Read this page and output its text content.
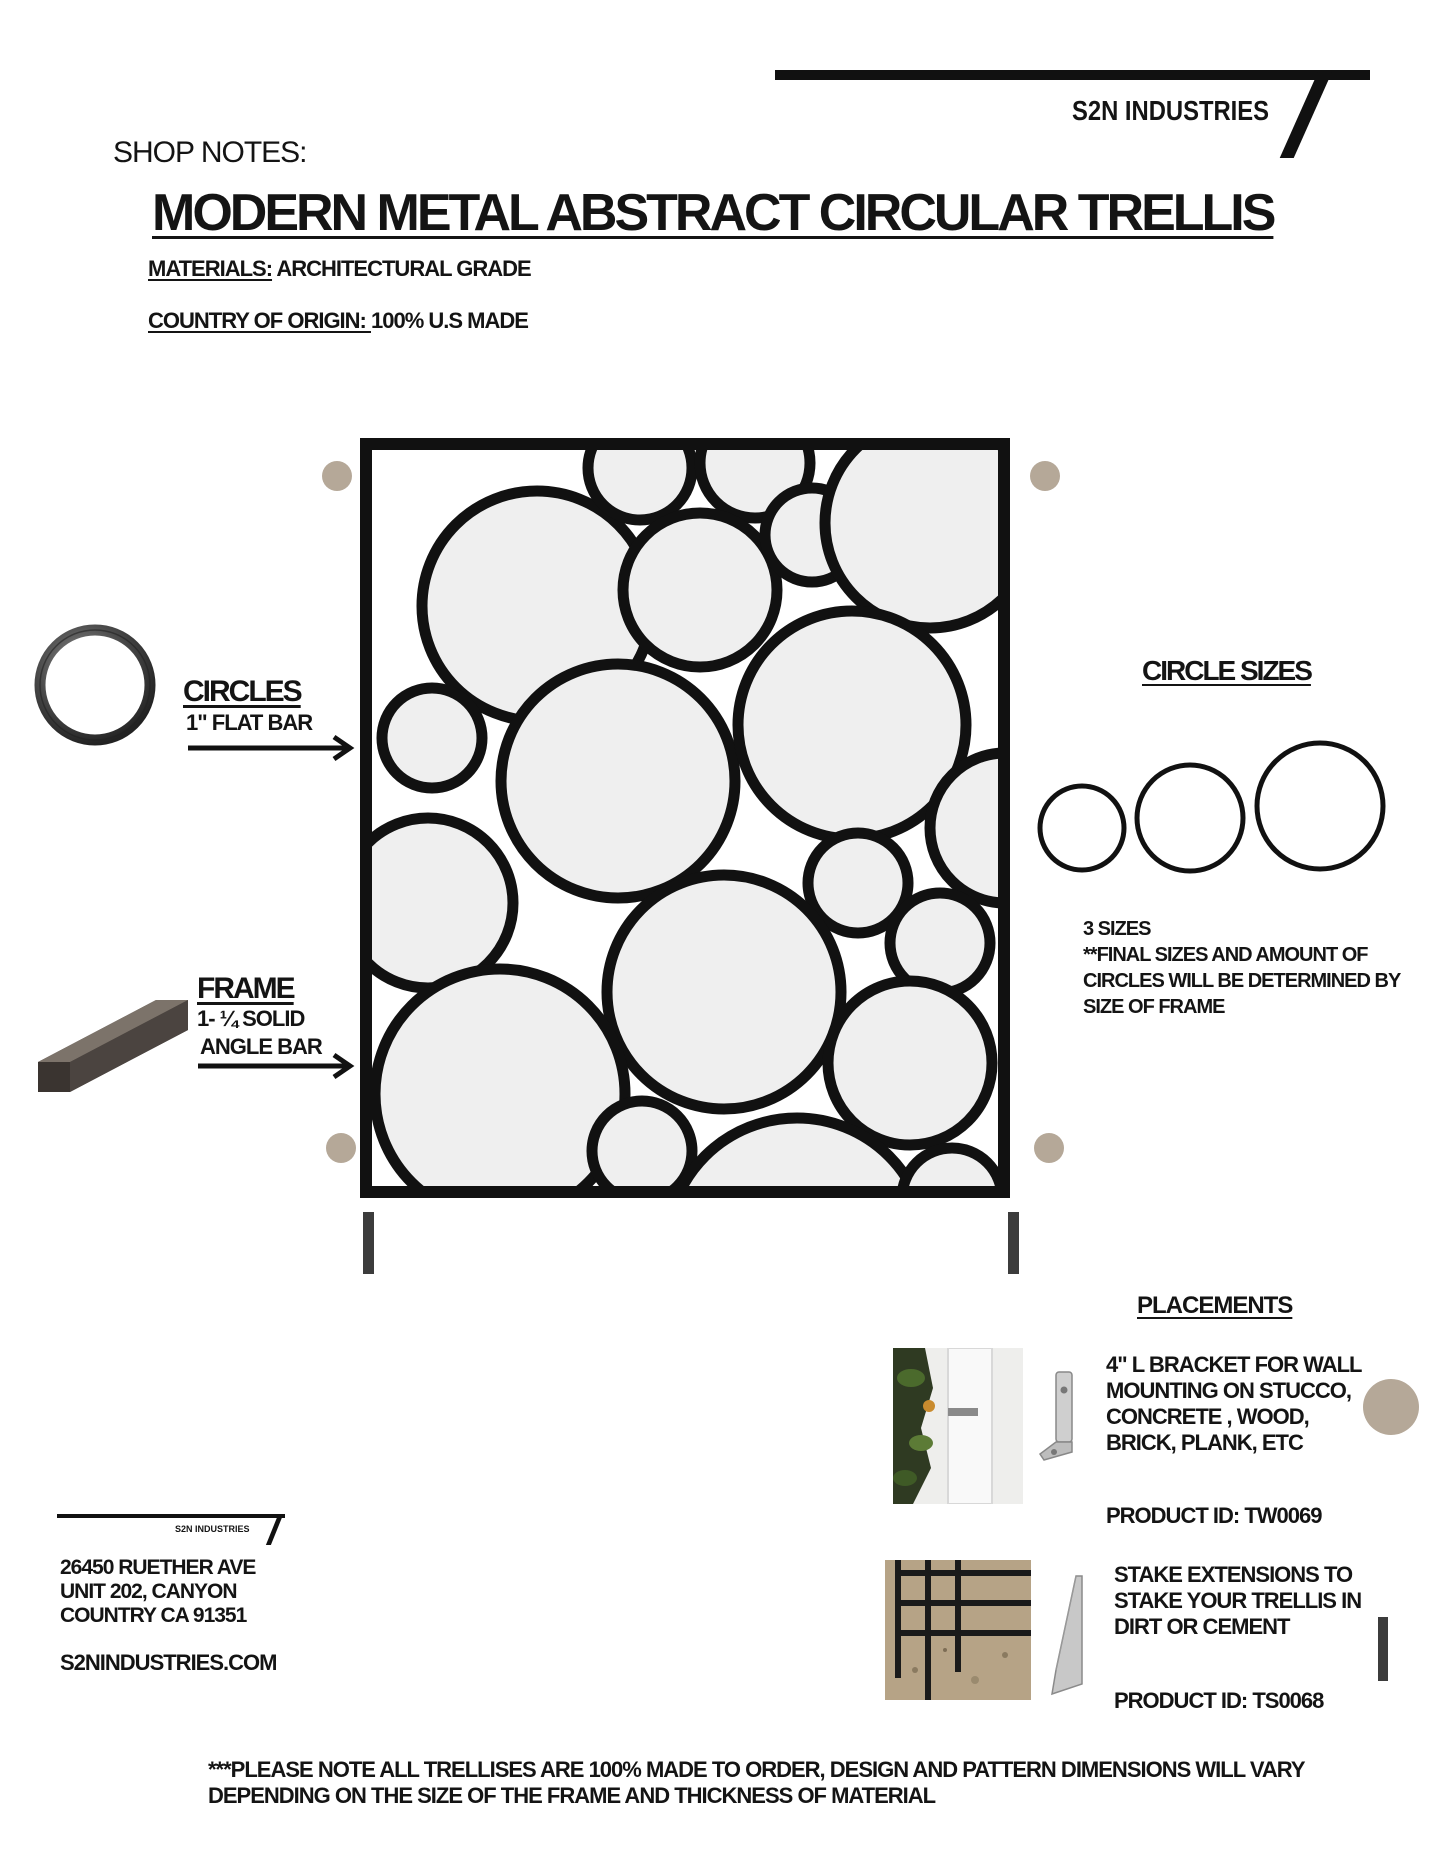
S2N INDUSTRIES
SHOP NOTES:
MODERN METAL ABSTRACT CIRCULAR TRELLIS
MATERIALS: ARCHITECTURAL GRADE
COUNTRY OF ORIGIN: 100% U.S MADE
CIRCLES
1" FLAT BAR
FRAME
1- ¼ SOLID
ANGLE BAR
CIRCLE SIZES
3 SIZES
**FINAL SIZES AND AMOUNT OF CIRCLES WILL BE DETERMINED BY SIZE OF FRAME
PLACEMENTS
4" L BRACKET FOR WALL MOUNTING ON STUCCO, CONCRETE , WOOD, BRICK, PLANK, ETC
PRODUCT ID: TW0069
STAKE EXTENSIONS TO STAKE YOUR TRELLIS IN DIRT OR CEMENT
PRODUCT ID: TS0068
S2N INDUSTRIES
26450 RUETHER AVE
UNIT 202, CANYON
COUNTRY CA 91351
S2NINDUSTRIES.COM
***PLEASE NOTE ALL TRELLISES ARE 100% MADE TO ORDER, DESIGN AND PATTERN DIMENSIONS WILL VARY DEPENDING ON THE SIZE OF THE FRAME AND THICKNESS OF MATERIAL
